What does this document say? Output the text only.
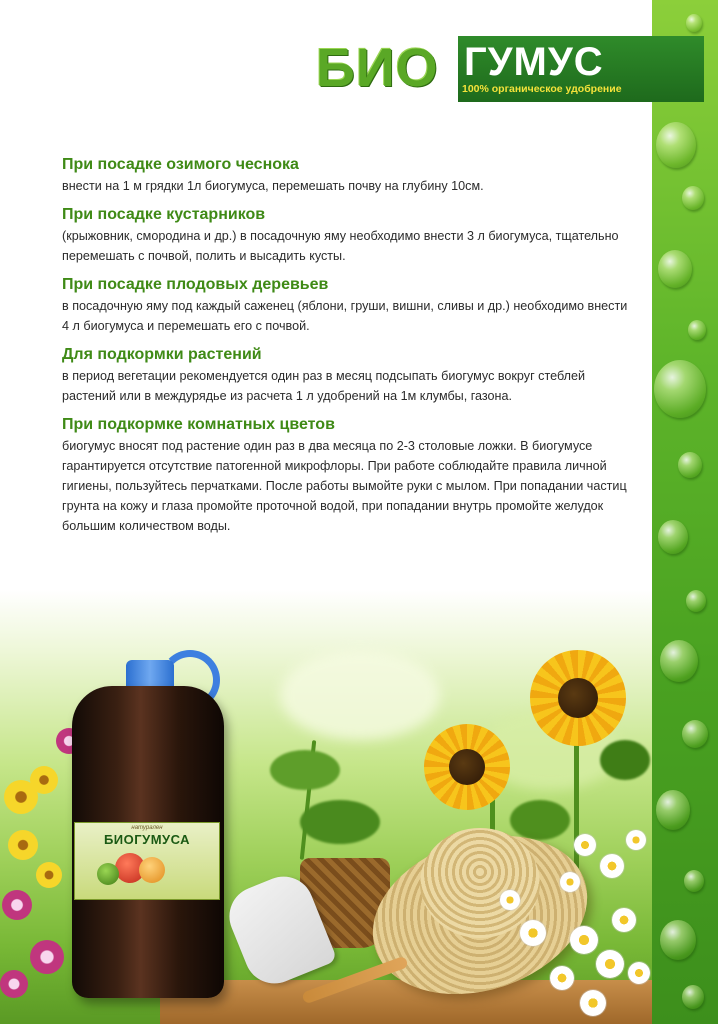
БИО ГУМУС
100% органическое удобрение
При посадке озимого чеснока

внести на 1 м грядки 1л биогумуса, перемешать почву на глубину 10см.

При посадке кустарников

(крыжовник, смородина и др.) в посадочную яму необходимо внести 3 л биогумуса, тщательно перемешать с почвой, полить и высадить кусты.

При посадке плодовых деревьев

в посадочную яму под каждый саженец (яблони, груши, вишни, сливы и др.) необходимо внести 4 л биогумуса и перемешать его с почвой.

Для подкормки растений

в период вегетации рекомендуется один раз в месяц подсыпать биогумус вокруг стеблей растений или в междурядье из расчета 1 л удобрений на 1м клумбы, газона.

При подкормке комнатных цветов

биогумус вносят под растение один раз в два месяца по 2-3 столовые ложки. В биогумусе гарантируется отсутствие патогенной микрофлоры. При работе соблюдайте правила личной гигиены, пользуйтесь перчатками. После работы вымойте руки с мылом. При попадании частиц грунта на кожу и глаза промойте проточной водой, при попадании внутрь промойте желудок большим количеством воды.

натурален
БИОГУМУСА
